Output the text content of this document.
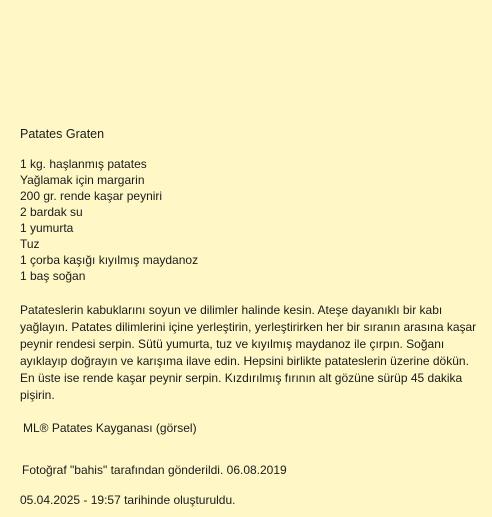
Patates Graten
1 kg. haşlanmış patates
Yağlamak için margarin
200 gr. rende kaşar peyniri
2 bardak su
1 yumurta
Tuz
1 çorba kaşığı kıyılmış maydanoz
1 baş soğan
Patateslerin kabuklarını soyun ve dilimler halinde kesin. Ateşe dayanıklı bir kabı yağlayın. Patates dilimlerini içine yerleştirin, yerleştirirken her bir sıranın arasına kaşar peynir rendesi serpin. Sütü yumurta, tuz ve kıyılmış maydanoz ile çırpın. Soğanı ayıklayıp doğrayın ve karışıma ilave edin. Hepsini birlikte patateslerin üzerine dökün. En üste ise rende kaşar peynir serpin. Kızdırılmış fırının alt gözüne sürüp 45 dakika pişirin.
ML® Patates Kayganası (görsel)
Fotoğraf "bahis" tarafından gönderildi. 06.08.2019
05.04.2025 - 19:57 tarihinde oluşturuldu.
